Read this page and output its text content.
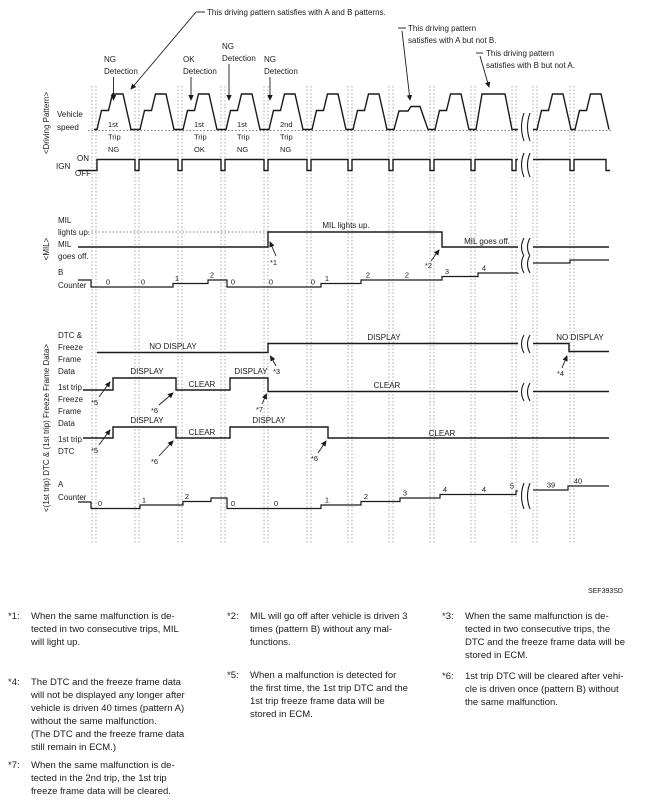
0	0	1	2
0	0	0 1	2	2	3	4
0	1	2
0	0	1	2	3	4	4	5	39 40
This driving pattern satisfies with A and B patterns.
This driving pattern
satisfies with A but not B.
This driving pattern
satisfies with B but not A.
NG
Detection
OK
Detection
NG
Detection NG
Detection
1st
Trip
NG
1st
Trip
OK
1st
Trip
NG
2nd
Trip
NG
<Driving Pattern>
<MIL>
<(1st trip) DTC & (1st trip) Freeze Frame Data>
Vehicle
speed
IGN
ON
OFF
MIL
lights up.
MIL
goes off.
B
Counter
DTC &
Freeze
Frame
Data
1st trip
Freeze
Frame
Data
1st trip
DTC
A
Counter
MIL lights up.
MIL goes off.
NO DISPLAY
DISPLAY	NO DISPLAY
DISPLAY
CLEAR
DISPLAY
CLEAR
DISPLAY
CLEAR
DISPLAY
CLEAR
*1	*2
*3	*4
*5
*6	*7
*5
*6	*6
SEF393SD
*1:	When the same malfunction is de-
tected in two consecutive trips, MIL
will light up.
*4:	The DTC and the freeze frame data
will not be displayed any longer after
vehicle is driven 40 times (pattern A)
without the same malfunction.
(The DTC and the freeze frame data
still remain in ECM.)
*7:	When the same malfunction is de-
tected in the 2nd trip, the 1st trip
freeze frame data will be cleared.
*2:	MIL will go off after vehicle is driven 3
times (pattern B) without any mal-
functions.
*5:	When a malfunction is detected for
the first time, the 1st trip DTC and the
1st trip freeze frame data will be
stored in ECM.
*3:	When the same malfunction is de-
tected in two consecutive trips, the
DTC and the freeze frame data will be
stored in ECM.
*6:	1st trip DTC will be cleared after vehi-
cle is driven once (pattern B) without
the same malfunction.
